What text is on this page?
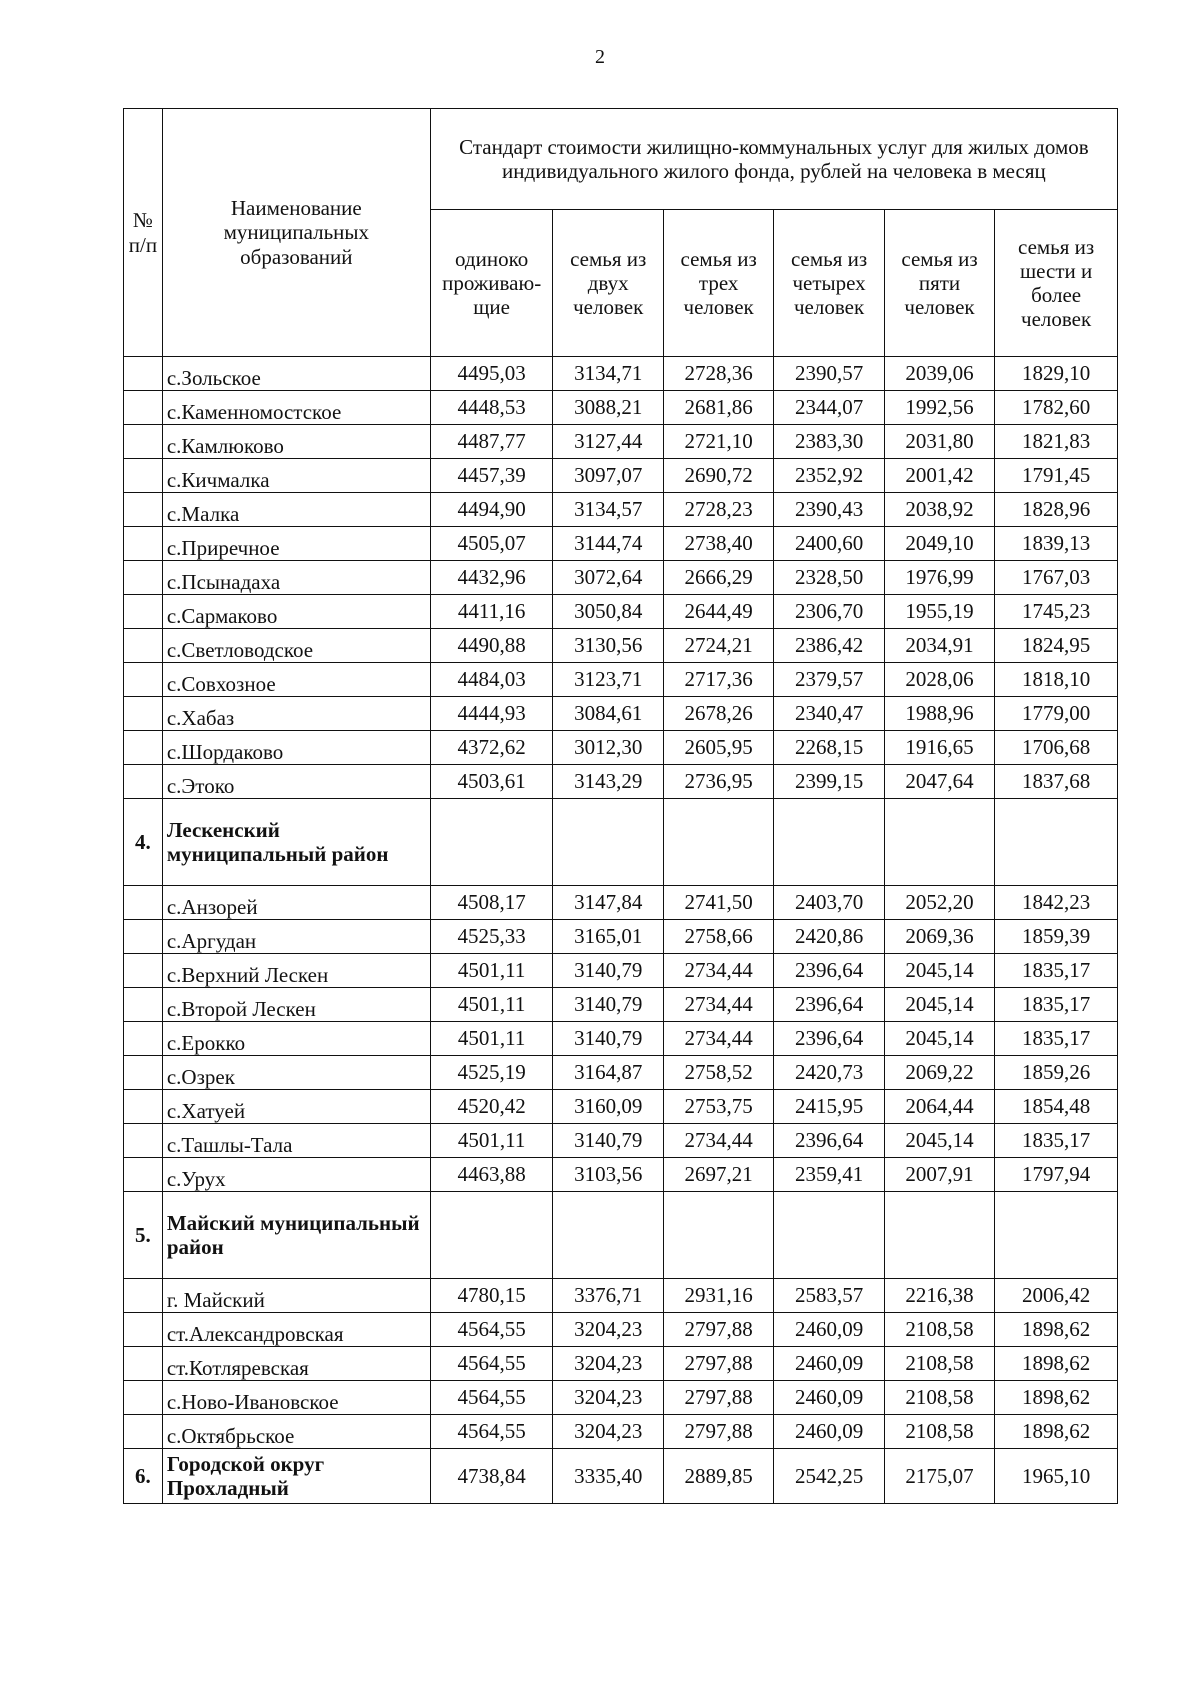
2
№ п/п	Наименование муниципальных образований	Стандарт стоимости жилищно-коммунальных услуг для жилых домов индивидуального жилого фонда, рублей на человека в месяц					
		одиноко проживаю-щие	семья из двух человек	семья из трех человек	семья из четырех человек	семья из пяти человек	семья из шести и более человек
	с.Зольское	4495,03	3134,71	2728,36	2390,57	2039,06	1829,10
	с.Каменномостское	4448,53	3088,21	2681,86	2344,07	1992,56	1782,60
	с.Камлюково	4487,77	3127,44	2721,10	2383,30	2031,80	1821,83
	с.Кичмалка	4457,39	3097,07	2690,72	2352,92	2001,42	1791,45
	с.Малка	4494,90	3134,57	2728,23	2390,43	2038,92	1828,96
	с.Приречное	4505,07	3144,74	2738,40	2400,60	2049,10	1839,13
	с.Псынадаха	4432,96	3072,64	2666,29	2328,50	1976,99	1767,03
	с.Сармаково	4411,16	3050,84	2644,49	2306,70	1955,19	1745,23
	с.Светловодское	4490,88	3130,56	2724,21	2386,42	2034,91	1824,95
	с.Совхозное	4484,03	3123,71	2717,36	2379,57	2028,06	1818,10
	с.Хабаз	4444,93	3084,61	2678,26	2340,47	1988,96	1779,00
	с.Шордаково	4372,62	3012,30	2605,95	2268,15	1916,65	1706,68
	с.Этоко	4503,61	3143,29	2736,95	2399,15	2047,64	1837,68
4.	Лескенский муниципальный район						
	с.Анзорей	4508,17	3147,84	2741,50	2403,70	2052,20	1842,23
	с.Аргудан	4525,33	3165,01	2758,66	2420,86	2069,36	1859,39
	с.Верхний Лескен	4501,11	3140,79	2734,44	2396,64	2045,14	1835,17
	с.Второй Лескен	4501,11	3140,79	2734,44	2396,64	2045,14	1835,17
	с.Ерокко	4501,11	3140,79	2734,44	2396,64	2045,14	1835,17
	с.Озрек	4525,19	3164,87	2758,52	2420,73	2069,22	1859,26
	с.Хатуей	4520,42	3160,09	2753,75	2415,95	2064,44	1854,48
	с.Ташлы-Тала	4501,11	3140,79	2734,44	2396,64	2045,14	1835,17
	с.Урух	4463,88	3103,56	2697,21	2359,41	2007,91	1797,94
5.	Майский муниципальный район						
	г. Майский	4780,15	3376,71	2931,16	2583,57	2216,38	2006,42
	ст.Александровская	4564,55	3204,23	2797,88	2460,09	2108,58	1898,62
	ст.Котляревская	4564,55	3204,23	2797,88	2460,09	2108,58	1898,62
	с.Ново-Ивановское	4564,55	3204,23	2797,88	2460,09	2108,58	1898,62
	с.Октябрьское	4564,55	3204,23	2797,88	2460,09	2108,58	1898,62
6.	Городской округ Прохладный	4738,84	3335,40	2889,85	2542,25	2175,07	1965,10
